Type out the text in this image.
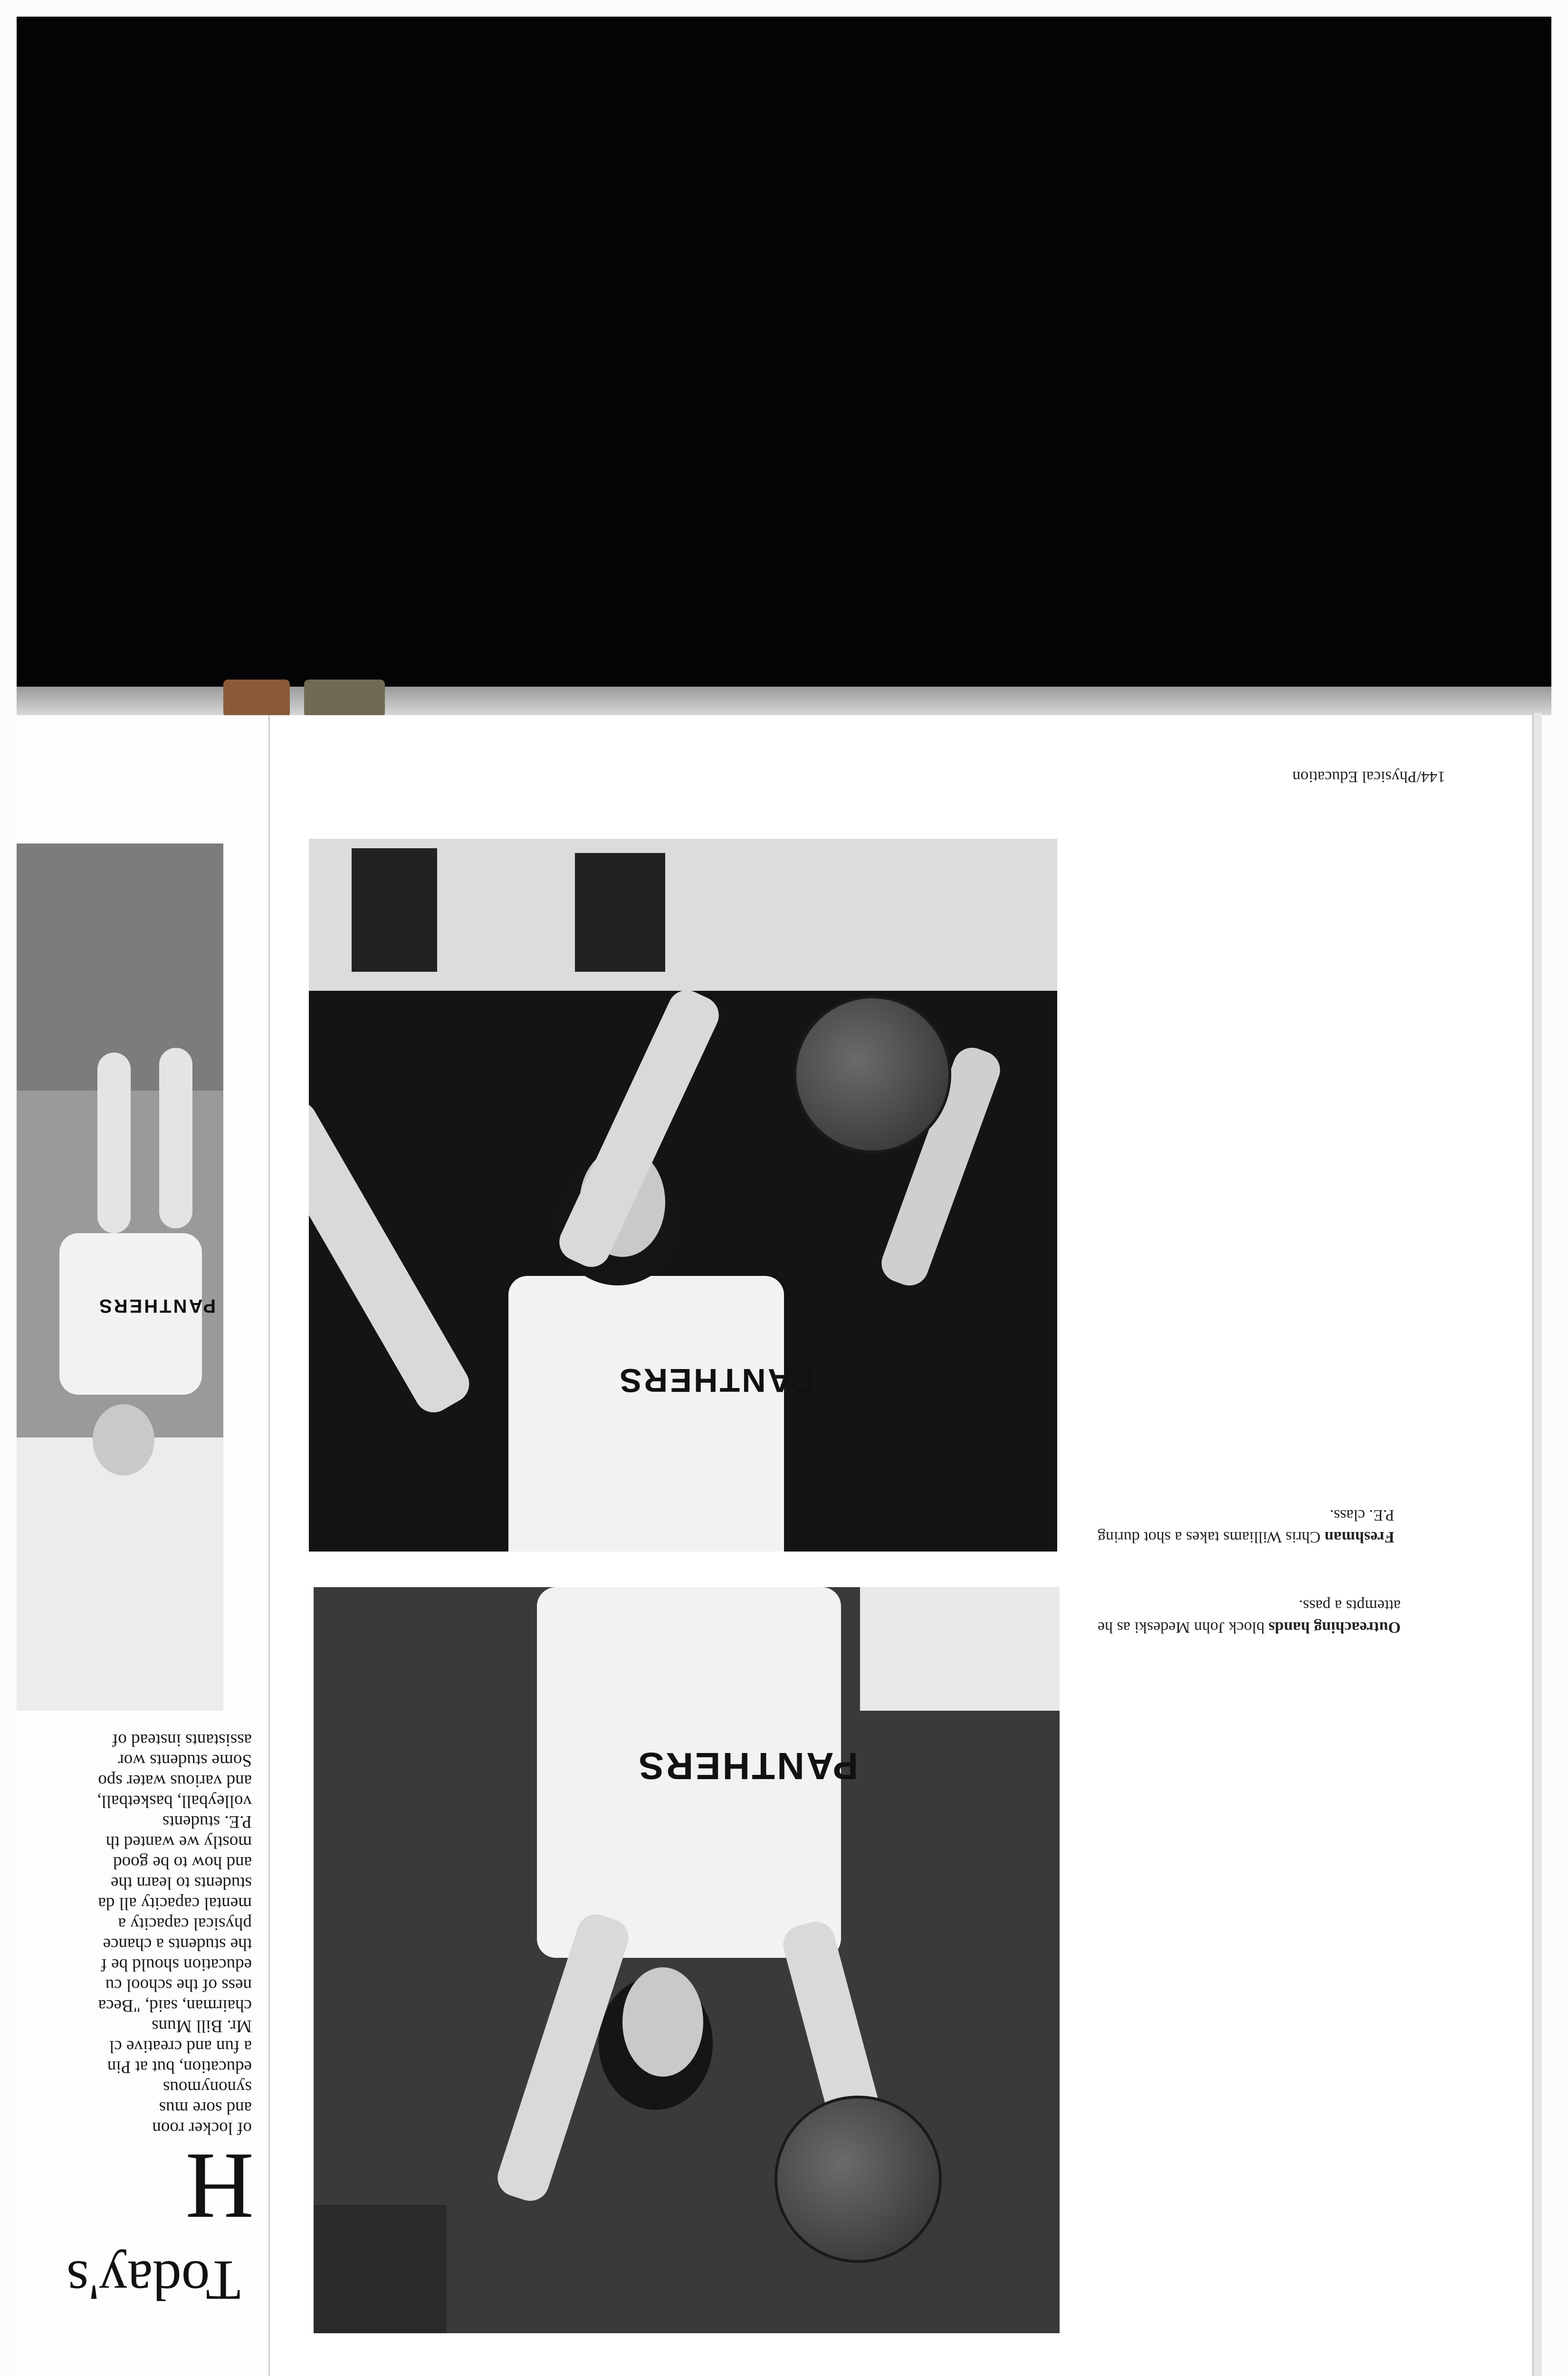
144/Physical Education
PANTHERS
PANTHERS
PANTHERS
Freshman Chris Williams takes a shot during
P.E. class.
Outreaching hands block John Medeski as he
attempts a pass.
Today's
H
of locker roon
and sore mus
synonymous
education, but at Pin
a fun and creative cl
Mr. Bill Muns
chairman, said, "Beca
ness of the school cu
education should be f
the students a chance
physical capacity a
mental capacity all da
students to learn the
and how to be good
mostly we wanted th
P.E. students
volleyball, basketball,
and various water spo
Some students wor
assistants instead of
